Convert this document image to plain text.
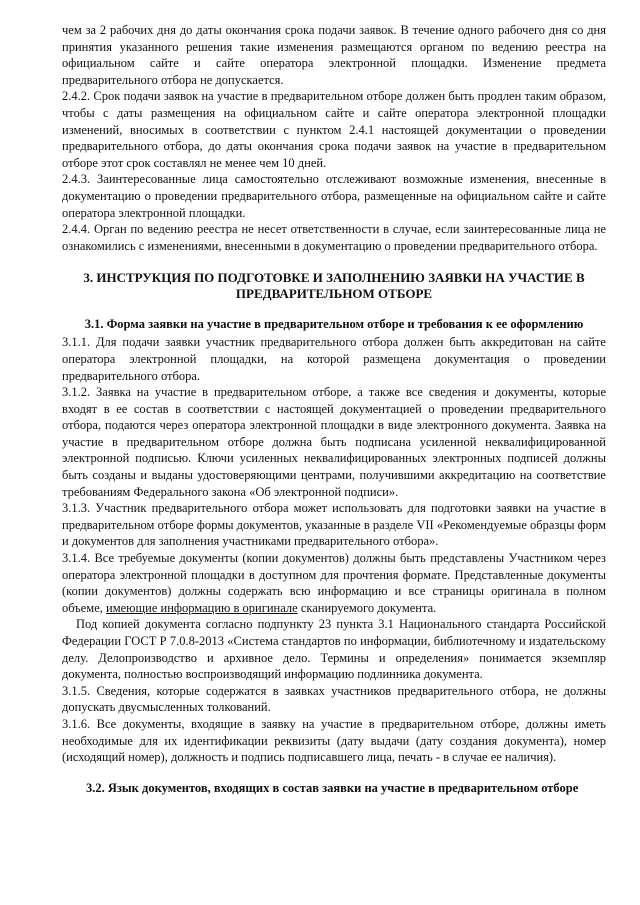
чем за 2 рабочих дня до даты окончания срока подачи заявок. В течение одного рабочего дня со дня принятия указанного решения такие изменения размещаются органом по ведению реестра на официальном сайте и сайте оператора электронной площадки. Изменение предмета предварительного отбора не допускается.

2.4.2. Срок подачи заявок на участие в предварительном отборе должен быть продлен таким образом, чтобы с даты размещения на официальном сайте и сайте оператора электронной площадки изменений, вносимых в соответствии с пунктом 2.4.1 настоящей документации о проведении предварительного отбора, до даты окончания срока подачи заявок на участие в предварительном отборе этот срок составлял не менее чем 10 дней.

2.4.3. Заинтересованные лица самостоятельно отслеживают возможные изменения, внесенные в документацию о проведении предварительного отбора, размещенные на официальном сайте и сайте оператора электронной площадки.

2.4.4. Орган по ведению реестра не несет ответственности в случае, если заинтересованные лица не ознакомились с изменениями, внесенными в документацию о проведении предварительного отбора.

3. ИНСТРУКЦИЯ ПО ПОДГОТОВКЕ И ЗАПОЛНЕНИЮ ЗАЯВКИ НА УЧАСТИЕ В ПРЕДВАРИТЕЛЬНОМ ОТБОРЕ
3.1. Форма заявки на участие в предварительном отборе и требования к ее оформлению

3.1.1. Для подачи заявки участник предварительного отбора должен быть аккредитован на сайте оператора электронной площадки, на которой размещена документация о проведении предварительного отбора.

3.1.2. Заявка на участие в предварительном отборе, а также все сведения и документы, которые входят в ее состав в соответствии с настоящей документацией о проведении предварительного отбора, подаются через оператора электронной площадки в виде электронного документа. Заявка на участие в предварительном отборе должна быть подписана усиленной неквалифицированной электронной подписью. Ключи усиленных неквалифицированных электронных подписей должны быть созданы и выданы удостоверяющими центрами, получившими аккредитацию на соответствие требованиям Федерального закона «Об электронной подписи».

3.1.3. Участник предварительного отбора может использовать для подготовки заявки на участие в предварительном отборе формы документов, указанные в разделе VII «Рекомендуемые образцы форм и документов для заполнения участниками предварительного отбора».

3.1.4. Все требуемые документы (копии документов) должны быть представлены Участником через оператора электронной площадки в доступном для прочтения формате. Представленные документы (копии документов) должны содержать всю информацию и все страницы оригинала в полном объеме, имеющие информацию в оригинале сканируемого документа.

Под копией документа согласно подпункту 23 пункта 3.1 Национального стандарта Российской Федерации ГОСТ Р 7.0.8-2013 «Система стандартов по информации, библиотечному и издательскому делу. Делопроизводство и архивное дело. Термины и определения» понимается экземпляр документа, полностью воспроизводящий информацию подлинника документа.

3.1.5. Сведения, которые содержатся в заявках участников предварительного отбора, не должны допускать двусмысленных толкований.

3.1.6. Все документы, входящие в заявку на участие в предварительном отборе, должны иметь необходимые для их идентификации реквизиты (дату выдачи (дату создания документа), номер (исходящий номер), должность и подпись подписавшего лица, печать - в случае ее наличия).

3.2. Язык документов, входящих в состав заявки на участие в предварительном отборе
